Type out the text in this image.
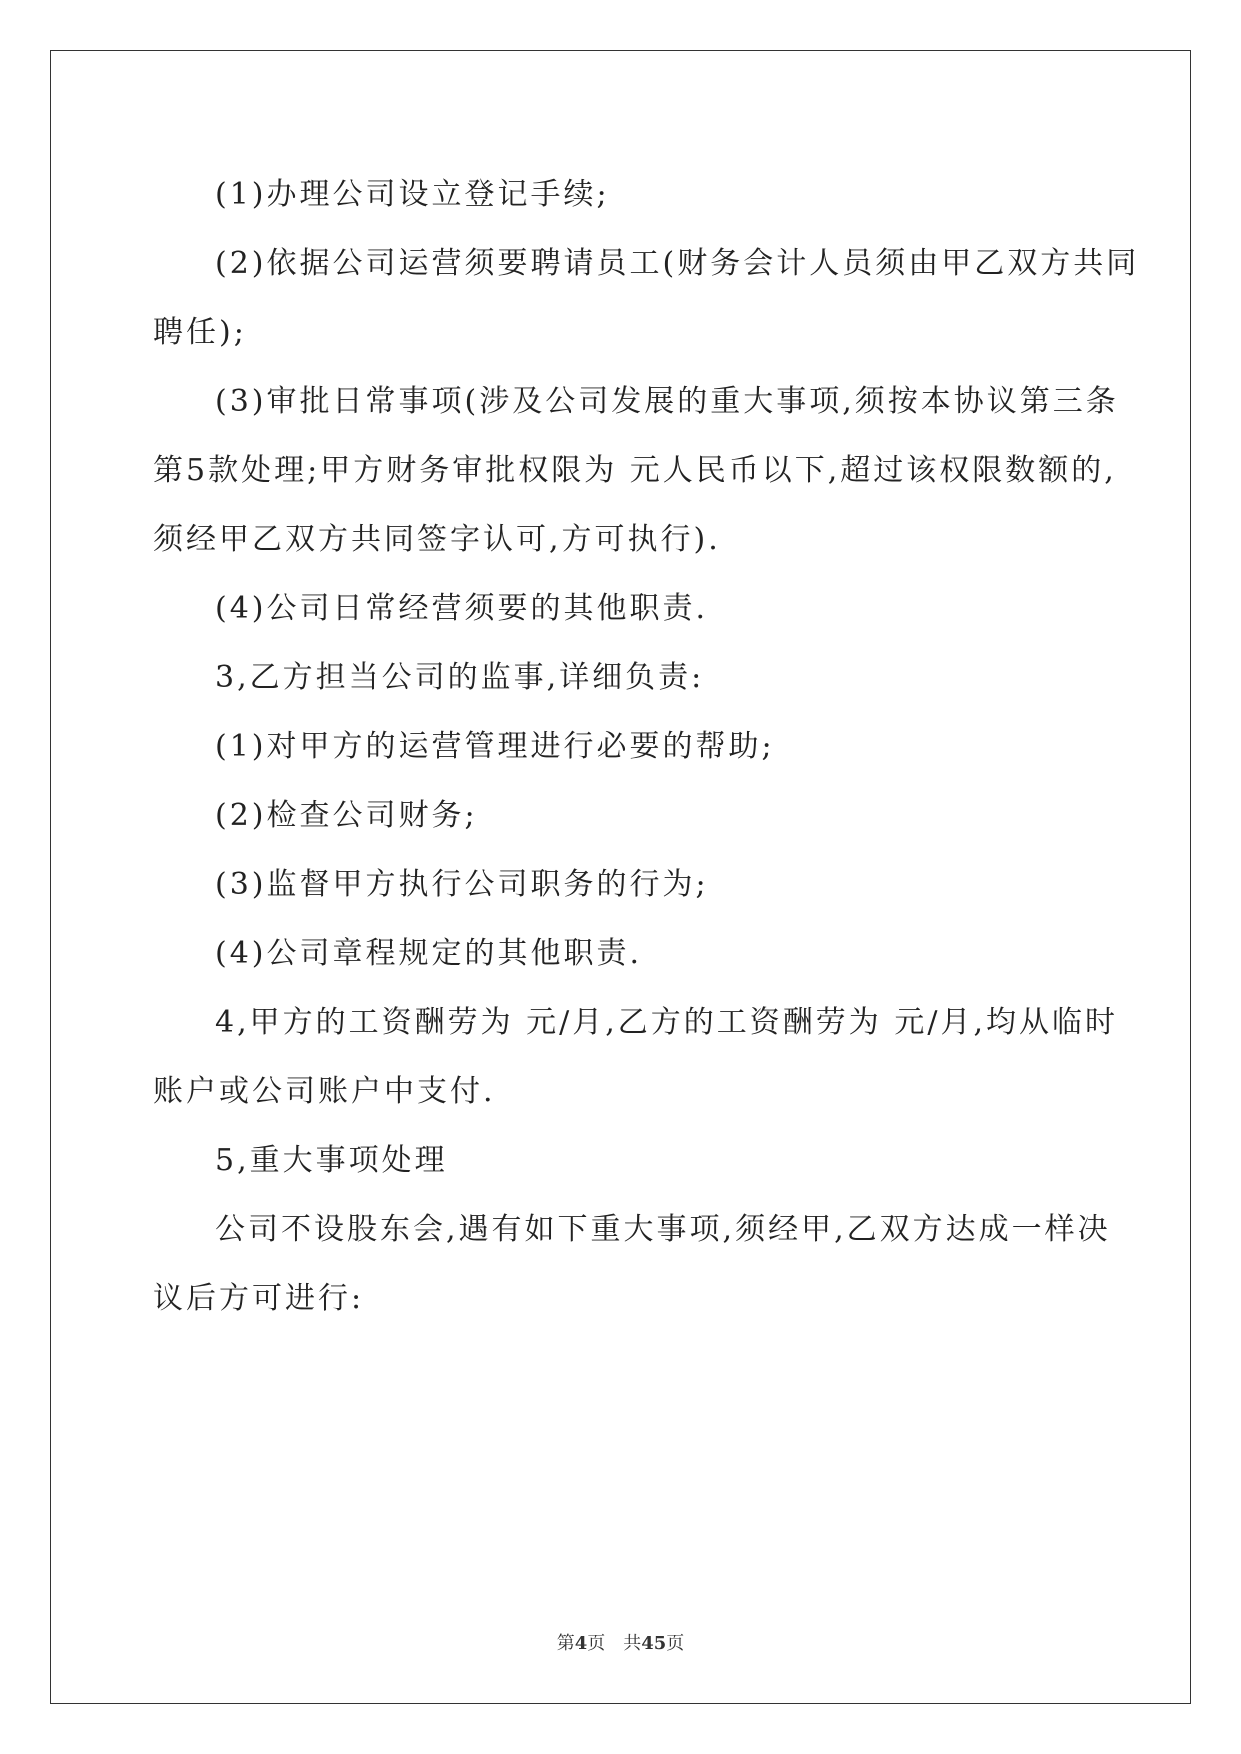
(1)办理公司设立登记手续;

(2)依据公司运营须要聘请员工(财务会计人员须由甲乙双方共同

聘任);

(3)审批日常事项(涉及公司发展的重大事项,须按本协议第三条

第5款处理;甲方财务审批权限为 元人民币以下,超过该权限数额的,

须经甲乙双方共同签字认可,方可执行).

(4)公司日常经营须要的其他职责.

3,乙方担当公司的监事,详细负责:

(1)对甲方的运营管理进行必要的帮助;

(2)检查公司财务;

(3)监督甲方执行公司职务的行为;

(4)公司章程规定的其他职责.

4,甲方的工资酬劳为 元/月,乙方的工资酬劳为 元/月,均从临时

账户或公司账户中支付.

5,重大事项处理

公司不设股东会,遇有如下重大事项,须经甲,乙双方达成一样决

议后方可进行:

第4页 共45页
